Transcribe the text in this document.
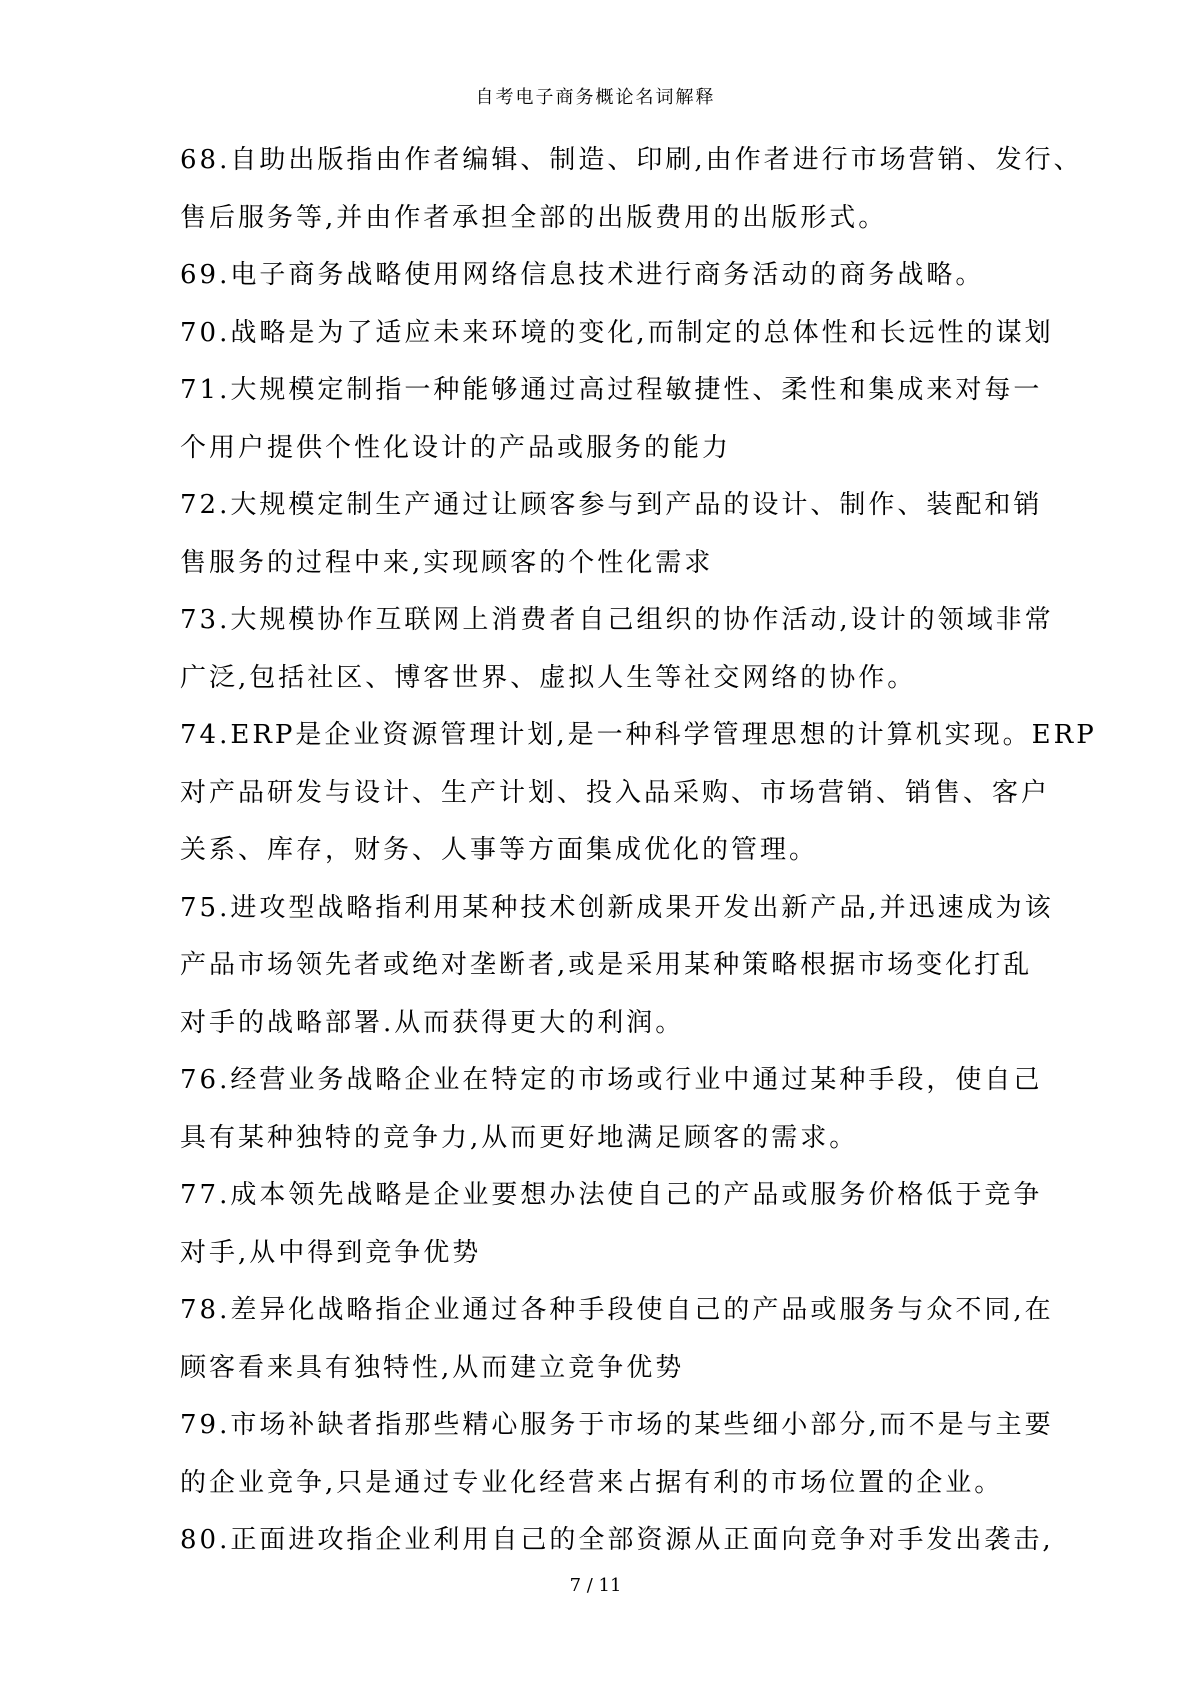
自考电子商务概论名词解释
68.自助出版指由作者编辑、制造、印刷,由作者进行市场营销、发行、
售后服务等,并由作者承担全部的出版费用的出版形式。
69.电子商务战略使用网络信息技术进行商务活动的商务战略。
70.战略是为了适应未来环境的变化,而制定的总体性和长远性的谋划
71.大规模定制指一种能够通过高过程敏捷性、柔性和集成来对每一
个用户提供个性化设计的产品或服务的能力
72.大规模定制生产通过让顾客参与到产品的设计、制作、装配和销
售服务的过程中来,实现顾客的个性化需求
73.大规模协作互联网上消费者自己组织的协作活动,设计的领域非常
广泛,包括社区、博客世界、虚拟人生等社交网络的协作。
74.ERP是企业资源管理计划,是一种科学管理思想的计算机实现。ERP
对产品研发与设计、生产计划、投入品采购、市场营销、销售、客户
关系、库存，财务、人事等方面集成优化的管理。
75.进攻型战略指利用某种技术创新成果开发出新产品,并迅速成为该
产品市场领先者或绝对垄断者,或是采用某种策略根据市场变化打乱
对手的战略部署.从而获得更大的利润。
76.经营业务战略企业在特定的市场或行业中通过某种手段，使自己
具有某种独特的竞争力,从而更好地满足顾客的需求。
77.成本领先战略是企业要想办法使自己的产品或服务价格低于竞争
对手,从中得到竞争优势
78.差异化战略指企业通过各种手段使自己的产品或服务与众不同,在
顾客看来具有独特性,从而建立竞争优势
79.市场补缺者指那些精心服务于市场的某些细小部分,而不是与主要
的企业竞争,只是通过专业化经营来占据有利的市场位置的企业。
80.正面进攻指企业利用自己的全部资源从正面向竞争对手发出袭击,
7 / 11
